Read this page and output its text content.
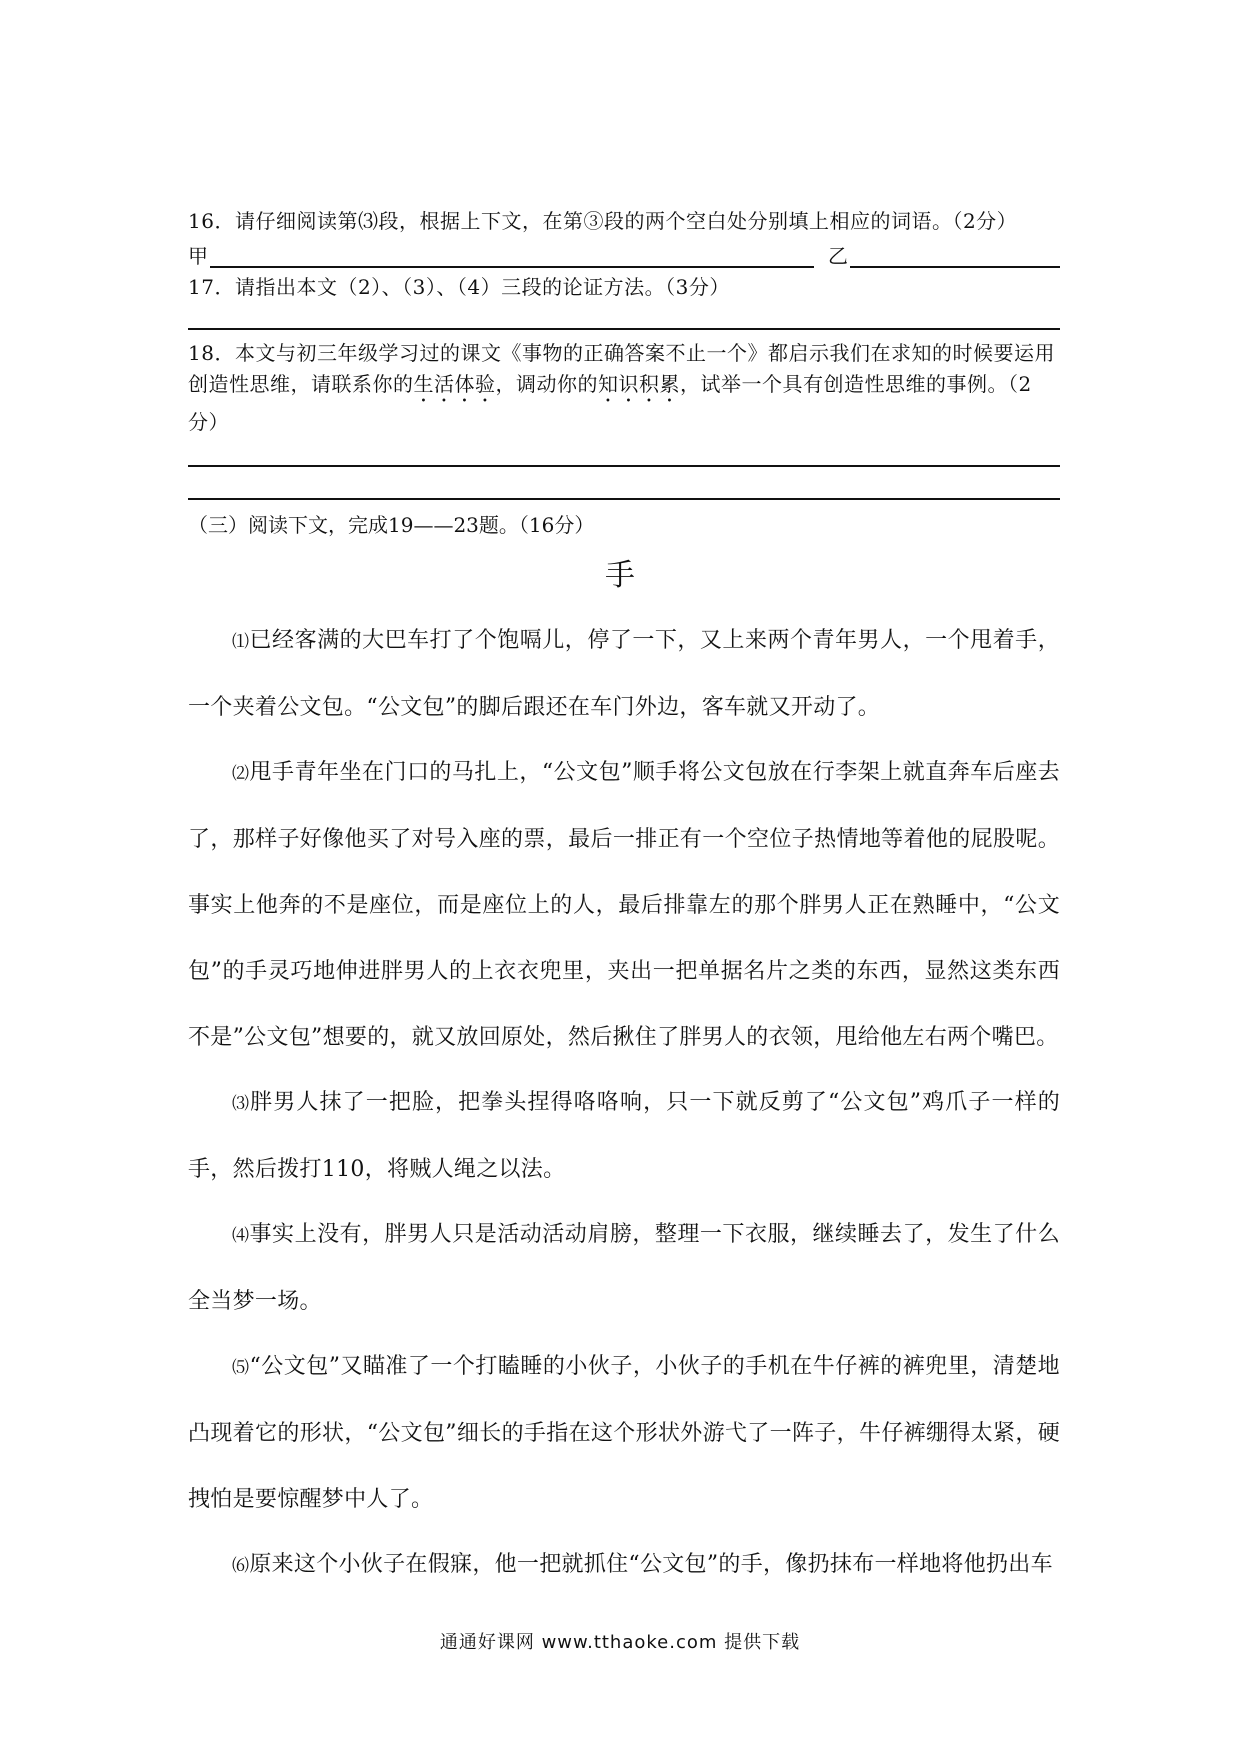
16．请仔细阅读第⑶段，根据上下文，在第③段的两个空白处分别填上相应的词语。（2分）
甲	乙
17．请指出本文（2）、（3）、（4）三段的论证方法。（3分）
18．本文与初三年级学习过的课文《事物的正确答案不止一个》都启示我们在求知的时候要运用创造性思维，请联系你的生活体验，调动你的知识积累，试举一个具有创造性思维的事例。（2分）
（三）阅读下文，完成19——23题。（16分）
手
⑴已经客满的大巴车打了个饱嗝儿，停了一下，又上来两个青年男人，一个甩着手，一个夹着公文包。“公文包”的脚后跟还在车门外边，客车就又开动了。
⑵甩手青年坐在门口的马扎上，“公文包”顺手将公文包放在行李架上就直奔车后座去了，那样子好像他买了对号入座的票，最后一排正有一个空位子热情地等着他的屁股呢。事实上他奔的不是座位，而是座位上的人，最后排靠左的那个胖男人正在熟睡中，“公文包”的手灵巧地伸进胖男人的上衣衣兜里，夹出一把单据名片之类的东西，显然这类东西不是”公文包”想要的，就又放回原处，然后揪住了胖男人的衣领，甩给他左右两个嘴巴。
⑶胖男人抹了一把脸，把拳头捏得咯咯响，只一下就反剪了“公文包”鸡爪子一样的手，然后拨打110，将贼人绳之以法。
⑷事实上没有，胖男人只是活动活动肩膀，整理一下衣服，继续睡去了，发生了什么全当梦一场。
⑸“公文包”又瞄准了一个打瞌睡的小伙子，小伙子的手机在牛仔裤的裤兜里，清楚地凸现着它的形状，“公文包”细长的手指在这个形状外游弋了一阵子，牛仔裤绷得太紧，硬拽怕是要惊醒梦中人了。
⑹原来这个小伙子在假寐，他一把就抓住“公文包”的手，像扔抹布一样地将他扔出车
通通好课网 www.tthaoke.com 提供下载
